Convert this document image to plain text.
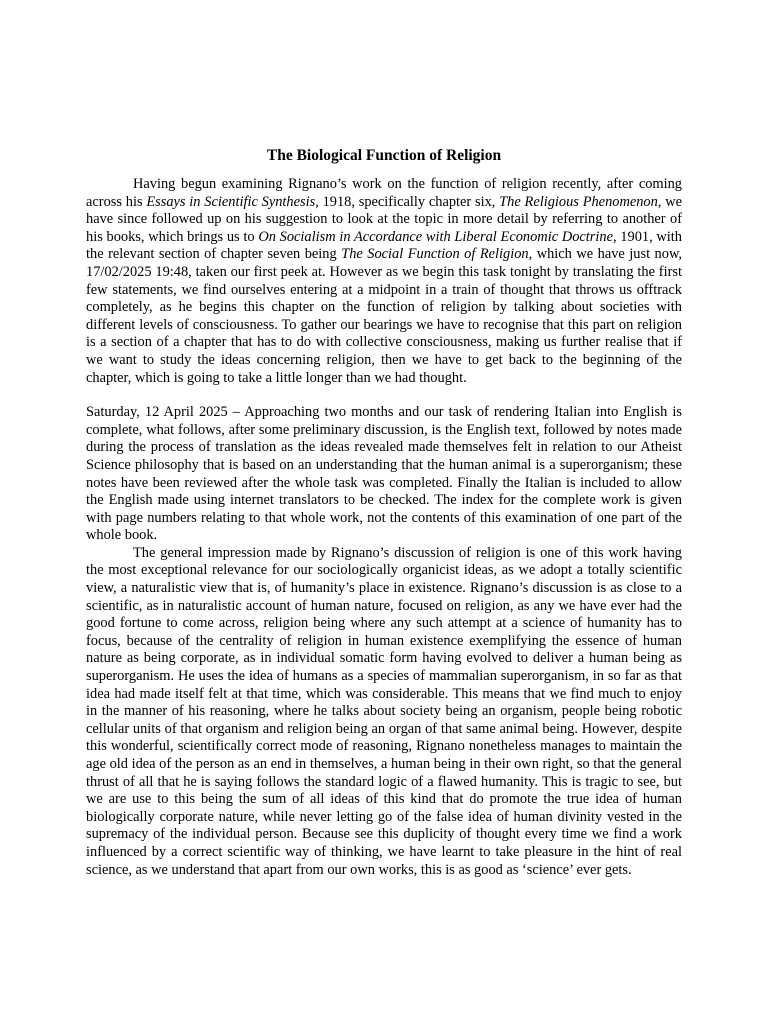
The Biological Function of Religion

Having begun examining Rignano’s work on the function of religion recently, after coming across his Essays in Scientific Synthesis, 1918, specifically chapter six, The Religious Phenomenon, we have since followed up on his suggestion to look at the topic in more detail by referring to another of his books, which brings us to On Socialism in Accordance with Liberal Economic Doctrine, 1901, with the relevant section of chapter seven being The Social Function of Religion, which we have just now, 17/02/2025 19:48, taken our first peek at. However as we begin this task tonight by translating the first few statements, we find ourselves entering at a midpoint in a train of thought that throws us offtrack completely, as he begins this chapter on the function of religion by talking about societies with different levels of consciousness. To gather our bearings we have to recognise that this part on religion is a section of a chapter that has to do with collective consciousness, making us further realise that if we want to study the ideas concerning religion, then we have to get back to the beginning of the chapter, which is going to take a little longer than we had thought.

Saturday, 12 April 2025 – Approaching two months and our task of rendering Italian into English is complete, what follows, after some preliminary discussion, is the English text, followed by notes made during the process of translation as the ideas revealed made themselves felt in relation to our Atheist Science philosophy that is based on an understanding that the human animal is a superorganism; these notes have been reviewed after the whole task was completed. Finally the Italian is included to allow the English made using internet translators to be checked. The index for the complete work is given with page numbers relating to that whole work, not the contents of this examination of one part of the whole book.

The general impression made by Rignano’s discussion of religion is one of this work having the most exceptional relevance for our sociologically organicist ideas, as we adopt a totally scientific view, a naturalistic view that is, of humanity’s place in existence. Rignano’s discussion is as close to a scientific, as in naturalistic account of human nature, focused on religion, as any we have ever had the good fortune to come across, religion being where any such attempt at a science of humanity has to focus, because of the centrality of religion in human existence exemplifying the essence of human nature as being corporate, as in individual somatic form having evolved to deliver a human being as superorganism. He uses the idea of humans as a species of mammalian superorganism, in so far as that idea had made itself felt at that time, which was considerable. This means that we find much to enjoy in the manner of his reasoning, where he talks about society being an organism, people being robotic cellular units of that organism and religion being an organ of that same animal being. However, despite this wonderful, scientifically correct mode of reasoning, Rignano nonetheless manages to maintain the age old idea of the person as an end in themselves, a human being in their own right, so that the general thrust of all that he is saying follows the standard logic of a flawed humanity. This is tragic to see, but we are use to this being the sum of all ideas of this kind that do promote the true idea of human biologically corporate nature, while never letting go of the false idea of human divinity vested in the supremacy of the individual person. Because see this duplicity of thought every time we find a work influenced by a correct scientific way of thinking, we have learnt to take pleasure in the hint of real science, as we understand that apart from our own works, this is as good as ‘science’ ever gets.
